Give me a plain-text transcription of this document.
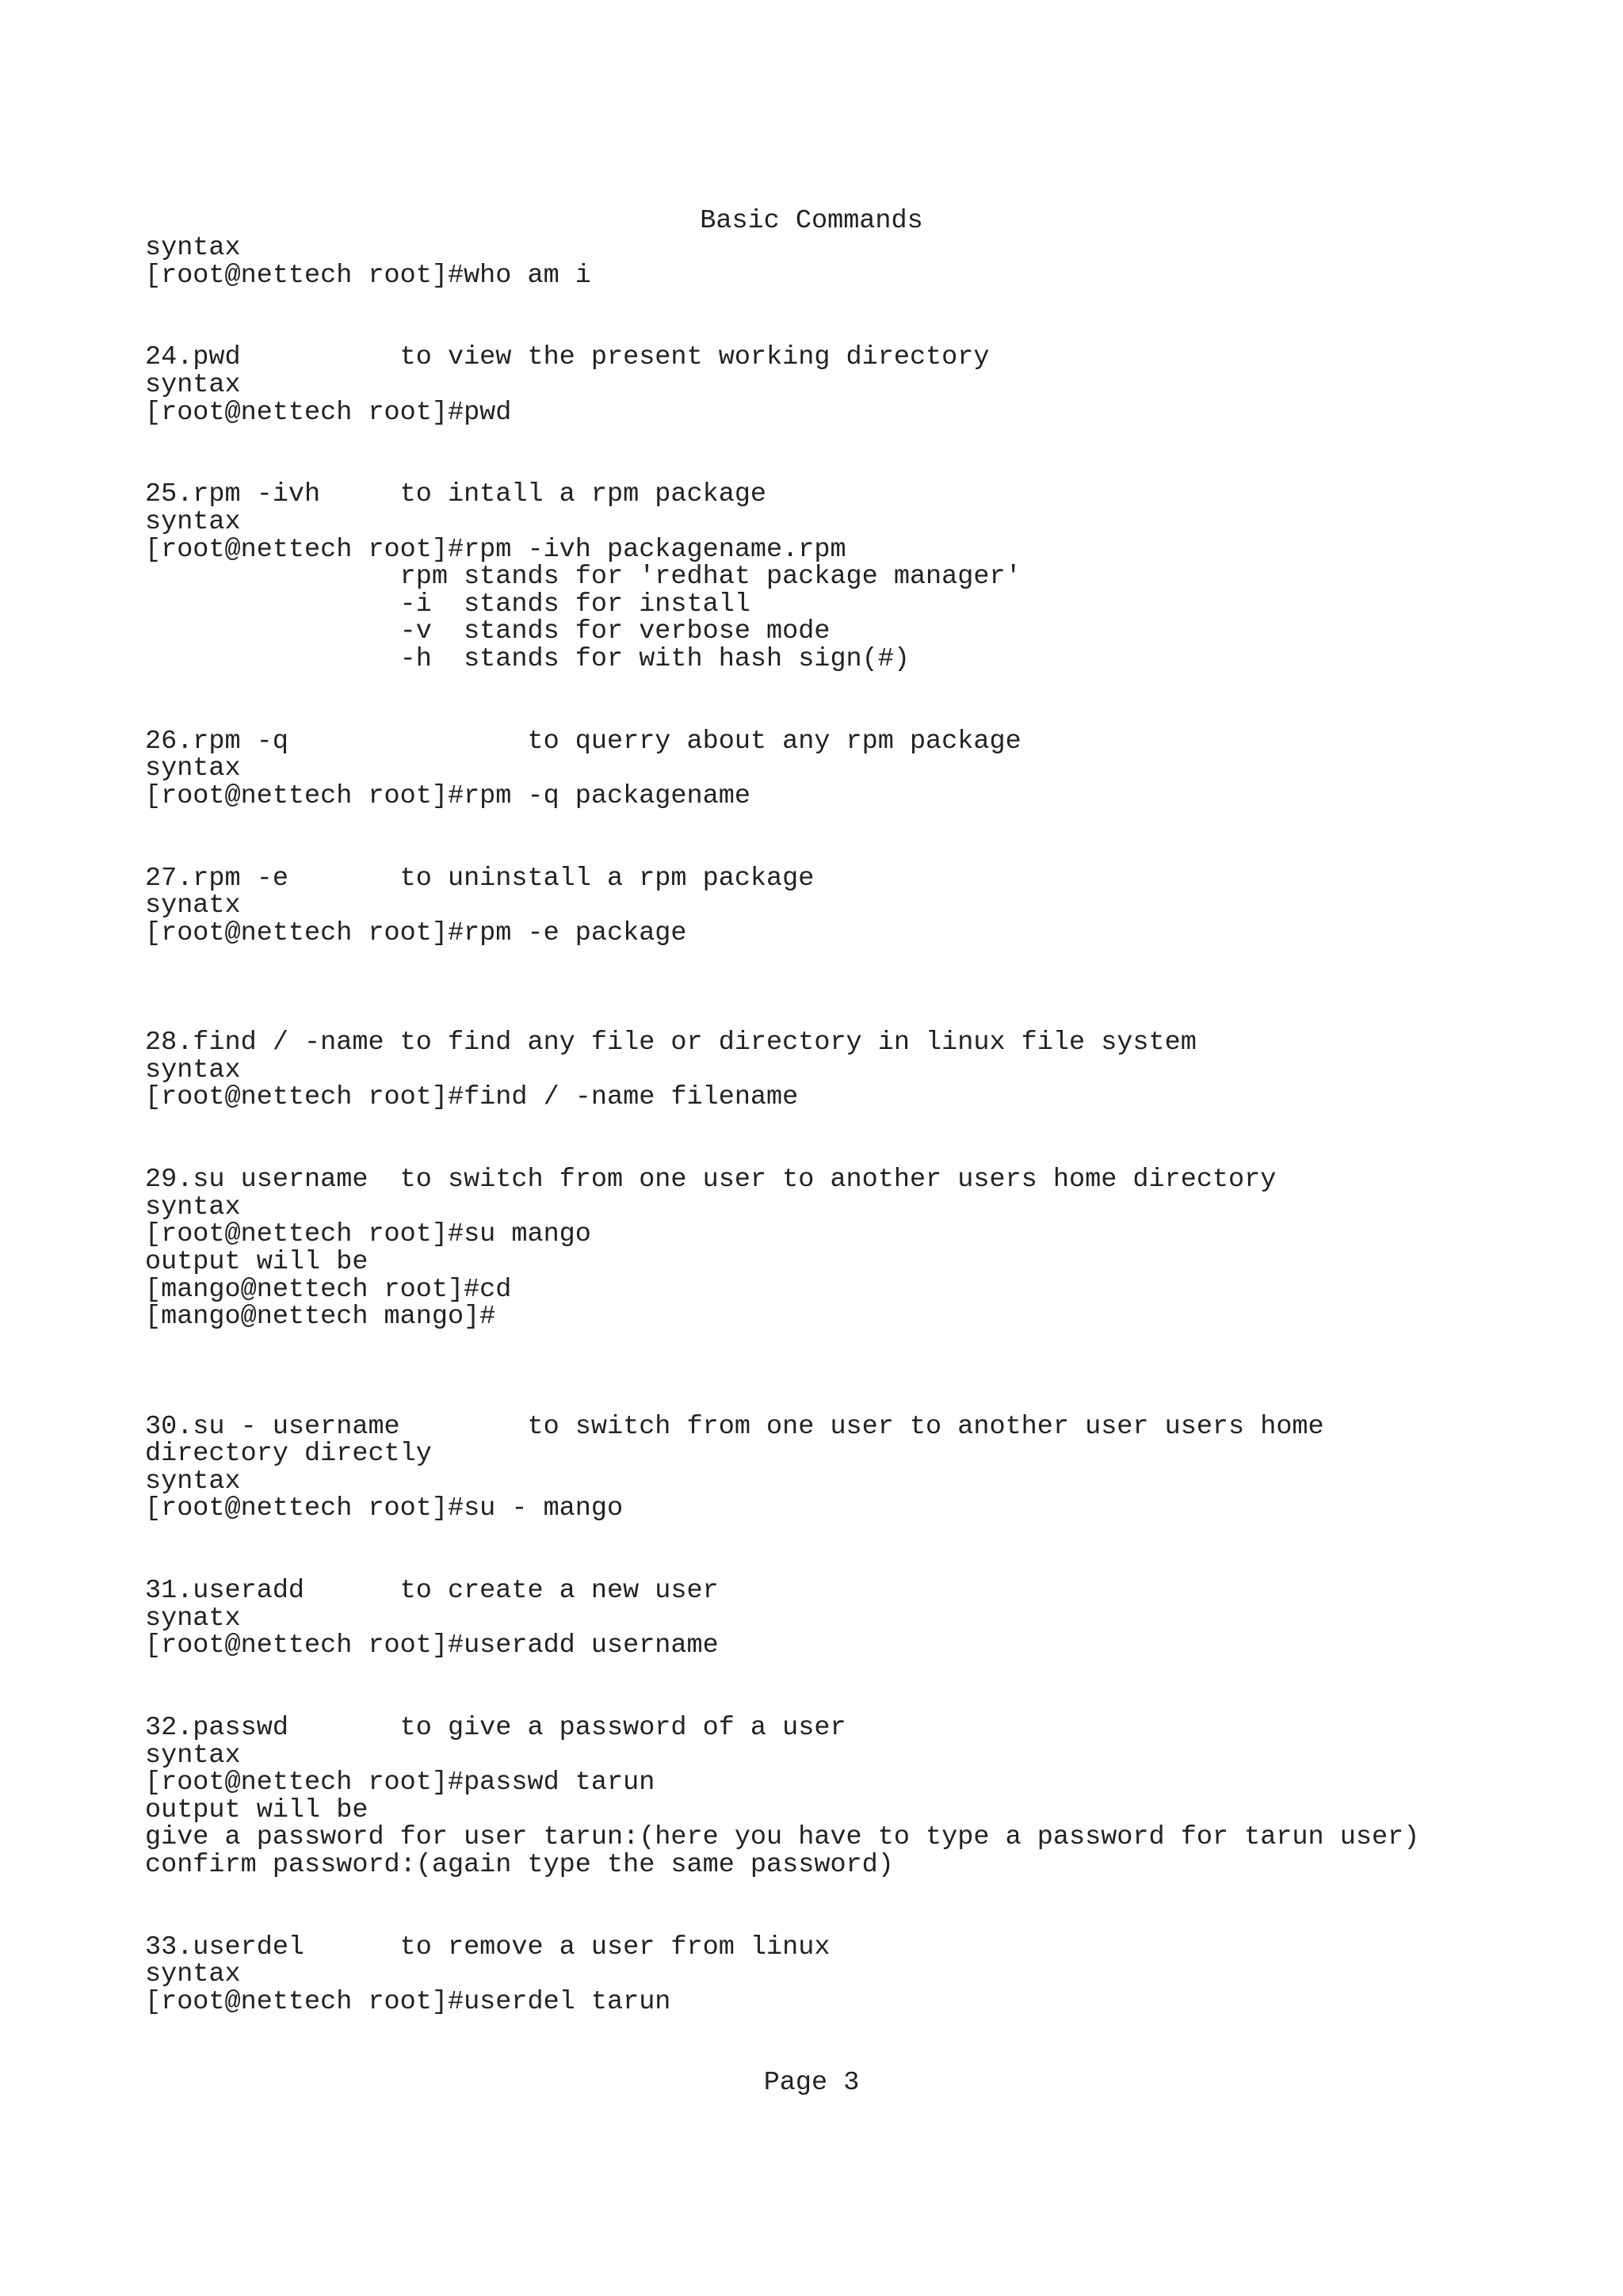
Basic Commands
syntax
[root@nettech root]#who am i
24.pwd          to view the present working directory
syntax
[root@nettech root]#pwd
25.rpm -ivh     to intall a rpm package
syntax
[root@nettech root]#rpm -ivh packagename.rpm
rpm stands for 'redhat package manager'
-i  stands for install
-v  stands for verbose mode
-h  stands for with hash sign(#)
26.rpm -q               to querry about any rpm package
syntax
[root@nettech root]#rpm -q packagename
27.rpm -e       to uninstall a rpm package
synatx
[root@nettech root]#rpm -e package
28.find / -name to find any file or directory in linux file system
syntax
[root@nettech root]#find / -name filename
29.su username  to switch from one user to another users home directory
syntax
[root@nettech root]#su mango
output will be
[mango@nettech root]#cd
[mango@nettech mango]#
30.su - username        to switch from one user to another user users home
directory directly
syntax
[root@nettech root]#su - mango
31.useradd      to create a new user
synatx
[root@nettech root]#useradd username
32.passwd       to give a password of a user
syntax
[root@nettech root]#passwd tarun
output will be
give a password for user tarun:(here you have to type a password for tarun user)
confirm password:(again type the same password)
33.userdel      to remove a user from linux
syntax
[root@nettech root]#userdel tarun
Page 3
